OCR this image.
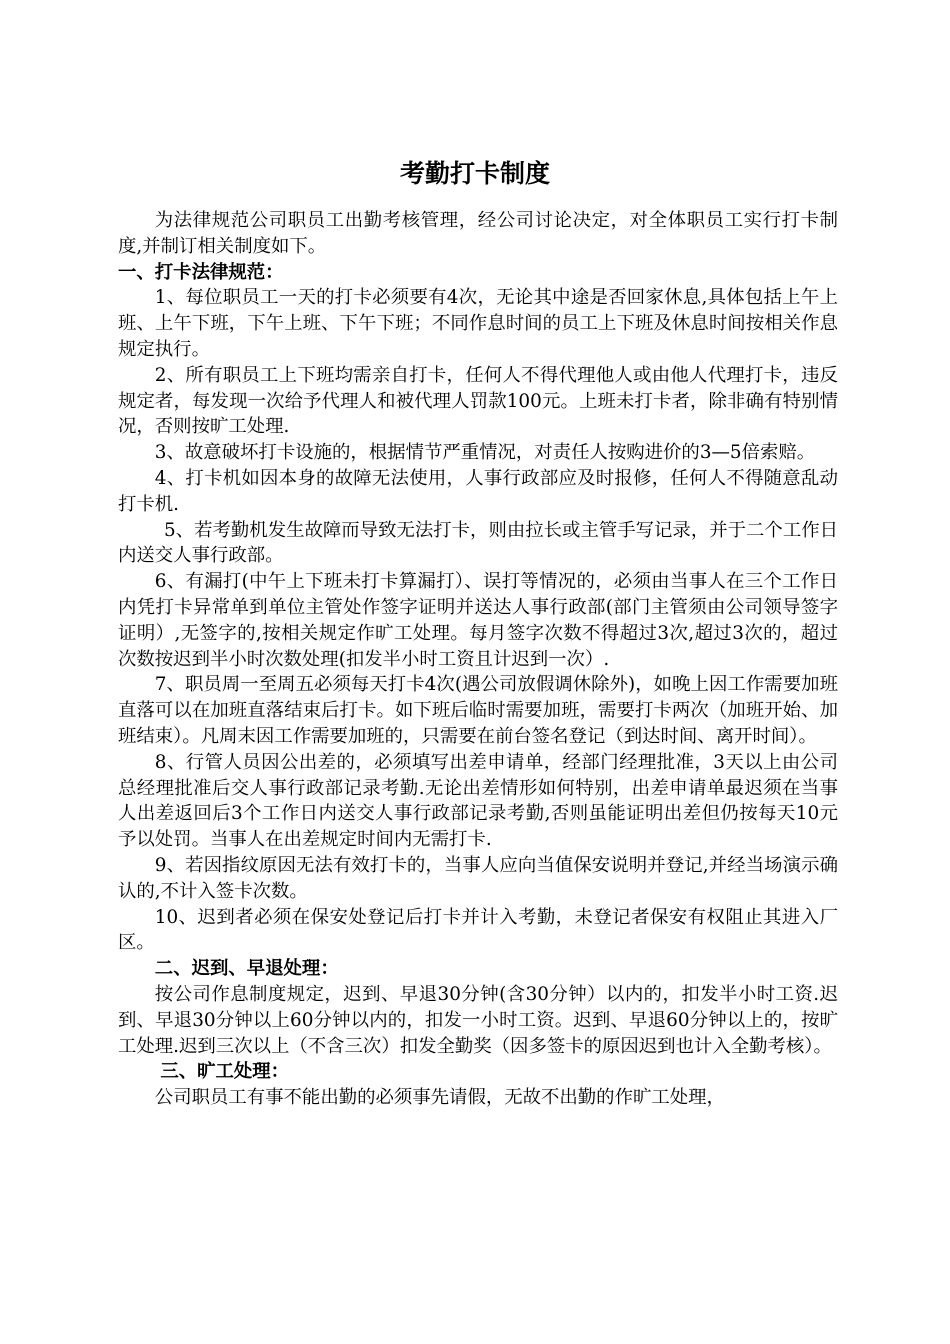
考勤打卡制度

为法律规范公司职员工出勤考核管理，经公司讨论决定，对全体职员工实行打卡制度,并制订相关制度如下。

一、打卡法律规范：

1、每位职员工一天的打卡必须要有4次，无论其中途是否回家休息,具体包括上午上班、上午下班，下午上班、下午下班；不同作息时间的员工上下班及休息时间按相关作息规定执行。

2、所有职员工上下班均需亲自打卡，任何人不得代理他人或由他人代理打卡，违反规定者，每发现一次给予代理人和被代理人罚款100元。上班未打卡者，除非确有特别情况，否则按旷工处理.

3、故意破坏打卡设施的，根据情节严重情况，对责任人按购进价的3—5倍索赔。

4、打卡机如因本身的故障无法使用，人事行政部应及时报修，任何人不得随意乱动打卡机.

5、若考勤机发生故障而导致无法打卡，则由拉长或主管手写记录，并于二个工作日内送交人事行政部。

6、有漏打(中午上下班未打卡算漏打）、误打等情况的，必须由当事人在三个工作日内凭打卡异常单到单位主管处作签字证明并送达人事行政部(部门主管须由公司领导签字证明）,无签字的,按相关规定作旷工处理。每月签字次数不得超过3次,超过3次的，超过次数按迟到半小时次数处理(扣发半小时工资且计迟到一次）.

7、职员周一至周五必须每天打卡4次(遇公司放假调休除外)，如晚上因工作需要加班直落可以在加班直落结束后打卡。如下班后临时需要加班，需要打卡两次（加班开始、加班结束）。凡周末因工作需要加班的，只需要在前台签名登记（到达时间、离开时间）。

8、行管人员因公出差的，必须填写出差申请单，经部门经理批准，3天以上由公司总经理批准后交人事行政部记录考勤.无论出差情形如何特别，出差申请单最迟须在当事人出差返回后3个工作日内送交人事行政部记录考勤,否则虽能证明出差但仍按每天10元予以处罚。当事人在出差规定时间内无需打卡.

9、若因指纹原因无法有效打卡的，当事人应向当值保安说明并登记,并经当场演示确认的,不计入签卡次数。

10、迟到者必须在保安处登记后打卡并计入考勤，未登记者保安有权阻止其进入厂区。

二、迟到、早退处理：

按公司作息制度规定，迟到、早退30分钟(含30分钟）以内的，扣发半小时工资.迟到、早退30分钟以上60分钟以内的，扣发一小时工资。迟到、早退60分钟以上的，按旷工处理.迟到三次以上（不含三次）扣发全勤奖（因多签卡的原因迟到也计入全勤考核）。

三、旷工处理：

公司职员工有事不能出勤的必须事先请假，无故不出勤的作旷工处理，
